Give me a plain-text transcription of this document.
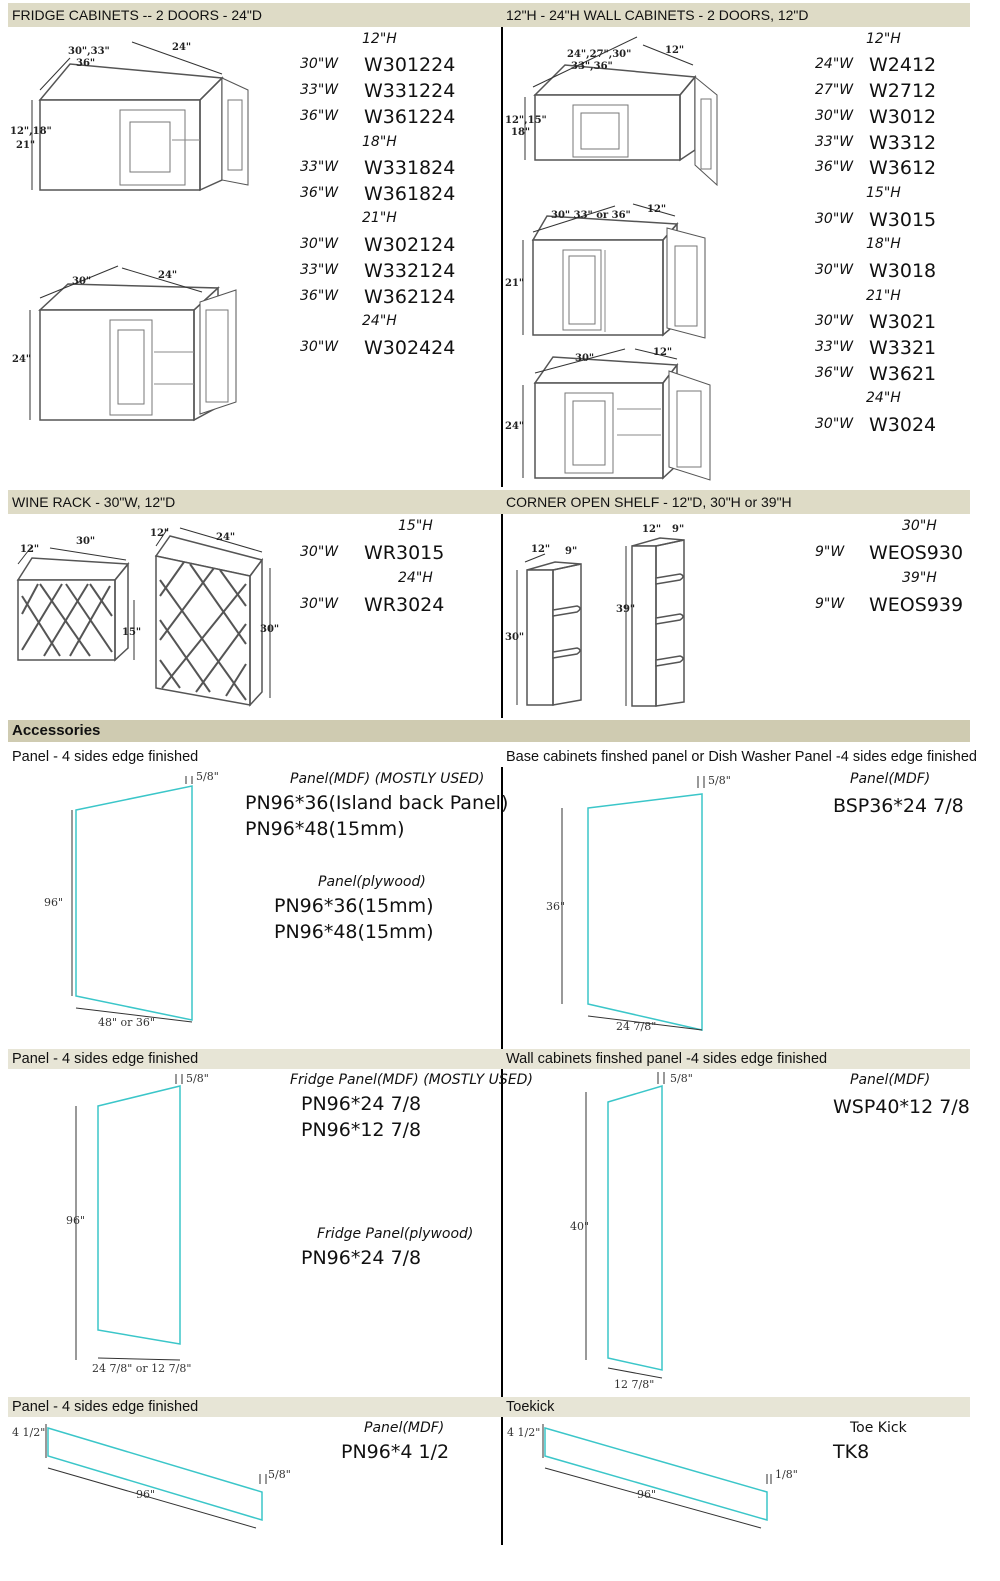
FRIDGE CABINETS -- 2 DOORS - 24"D	12"H - 24"H WALL CABINETS - 2 DOORS, 12"D
WINE RACK - 30"W, 12"D	CORNER OPEN SHELF - 12"D, 30"H or 39"H
30",33"
36"
24"
12",18"
21"
30"
24"
24"
12"H
30"W W301224
33"W W331224
36"W W361224
18"H
33"W W331824
36"W W361824
21"H
30"W W302124
33"W W332124
36"W W362124
24"H
30"W W302424
24",27",30"
33",36"
12"
12",15"
18"
30" 33" or 36"
12"
21"
30"
12"
24"
12"H
24"W W2412
27"W W2712
30"W W3012
33"W W3312
36"W W3612
15"H
30"W W3015
18"H
30"W W3018
21"H
30"W W3021
33"W W3321
36"W W3621
24"H
30"W W3024
12"
30"
15"
12"	24"
30"
15"H
30"W WR3015
24"H
30"W WR3024
12" 9"
30"
12" 9"
39"
30"H
9"W WEOS930
39"H
9"W WEOS939
Accessories
Panel - 4 sides edge finished	Base cabinets finshed panel or Dish Washer Panel -4 sides edge finished
5/8"
96"
48" or 36"
Panel(MDF) (MOSTLY USED)
PN96*36(Island back Panel)
PN96*48(15mm)
Panel(plywood)
PN96*36(15mm)
PN96*48(15mm)
5/8"
36"
24 7/8"
Panel(MDF)
BSP36*24 7/8
Panel - 4 sides edge finished	Wall cabinets finshed panel -4 sides edge finished
5/8"
96"
24 7/8" or 12 7/8"
Fridge Panel(MDF) (MOSTLY USED)
PN96*24 7/8
PN96*12 7/8
Fridge Panel(plywood)
PN96*24 7/8
5/8"
40"
12 7/8"
Panel(MDF)
WSP40*12 7/8
Panel - 4 sides edge finished	Toekick
4 1/2"
96"
5/8"
Panel(MDF)
PN96*4 1/2
4 1/2"
96"
1/8"
Toe Kick
TK8
